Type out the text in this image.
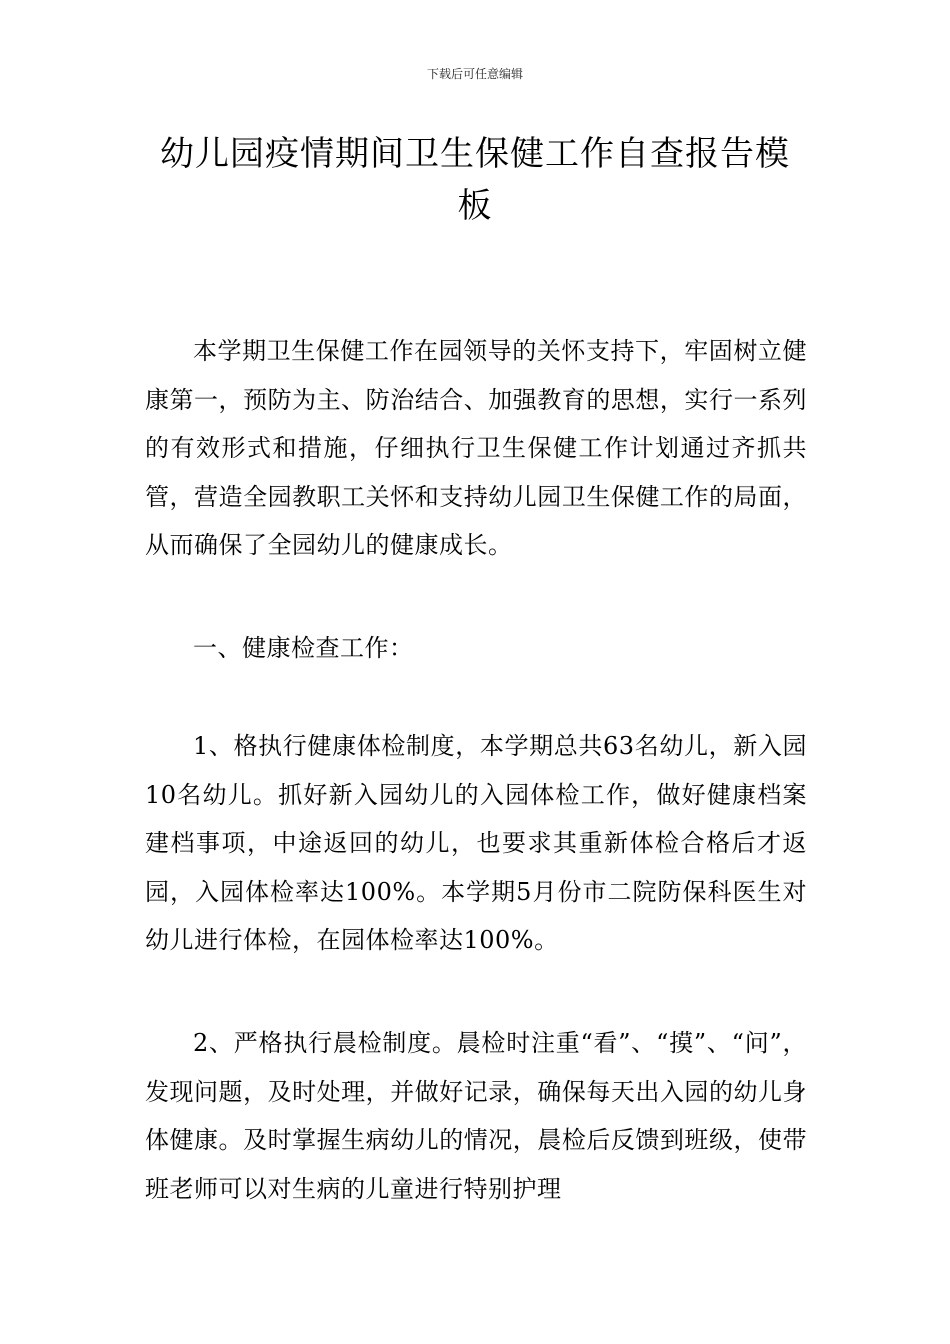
下载后可任意编辑
幼儿园疫情期间卫生保健工作自查报告模板

本学期卫生保健工作在园领导的关怀支持下，牢固树立健康第一，预防为主、防治结合、加强教育的思想，实行一系列的有效形式和措施，仔细执行卫生保健工作计划通过齐抓共管，营造全园教职工关怀和支持幼儿园卫生保健工作的局面，从而确保了全园幼儿的健康成长。

一、健康检查工作：

1、格执行健康体检制度，本学期总共63名幼儿，新入园10名幼儿。抓好新入园幼儿的入园体检工作，做好健康档案建档事项，中途返回的幼儿，也要求其重新体检合格后才返园，入园体检率达100%。本学期5月份市二院防保科医生对幼儿进行体检，在园体检率达100%。

2、严格执行晨检制度。晨检时注重“看”、“摸”、“问”，发现问题，及时处理，并做好记录，确保每天出入园的幼儿身体健康。及时掌握生病幼儿的情况，晨检后反馈到班级，使带班老师可以对生病的儿童进行特别护理
